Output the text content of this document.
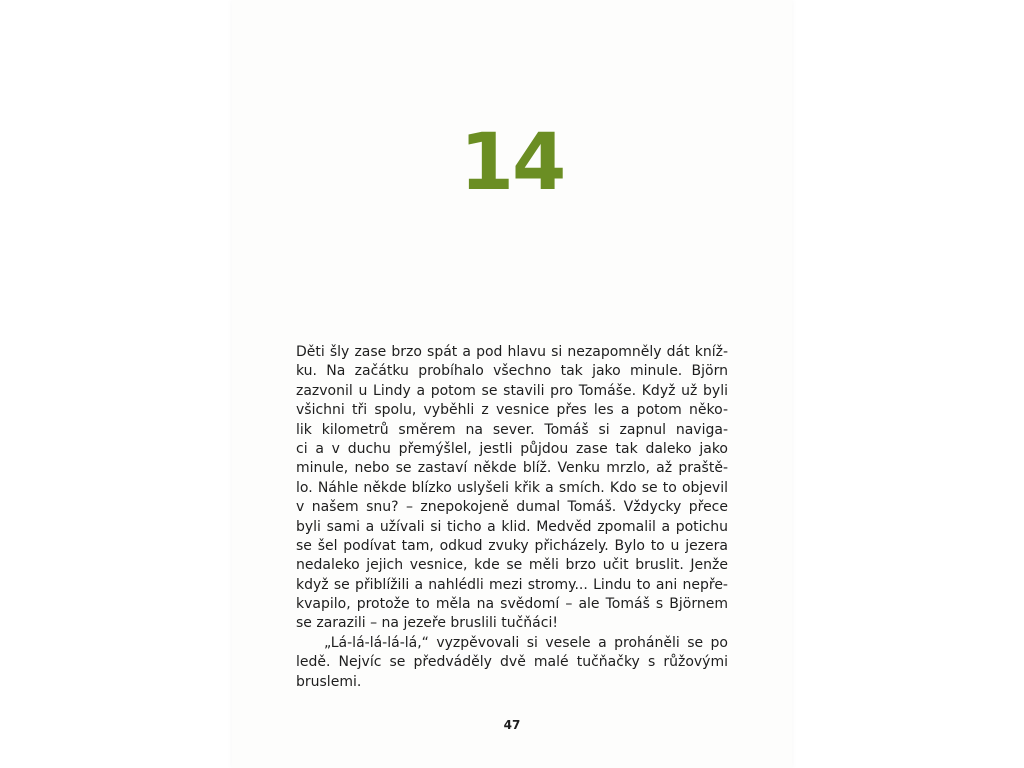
14
Děti šly zase brzo spát a pod hlavu si nezapomněly dát kníž-
ku. Na začátku probíhalo všechno tak jako minule. Björn
zazvonil u Lindy a potom se stavili pro Tomáše. Když už byli
všichni tři spolu, vyběhli z vesnice přes les a potom něko-
lik kilometrů směrem na sever. Tomáš si zapnul naviga-
ci a v duchu přemýšlel, jestli půjdou zase tak daleko jako
minule, nebo se zastaví někde blíž. Venku mrzlo, až praště-
lo. Náhle někde blízko uslyšeli křik a smích. Kdo se to objevil
v našem snu? – znepokojeně dumal Tomáš. Vždycky přece
byli sami a užívali si ticho a klid. Medvěd zpomalil a potichu
se šel podívat tam, odkud zvuky přicházely. Bylo to u jezera
nedaleko jejich vesnice, kde se měli brzo učit bruslit. Jenže
když se přiblížili a nahlédli mezi stromy... Lindu to ani nepře-
kvapilo, protože to měla na svědomí – ale Tomáš s Björnem
se zarazili – na jezeře bruslili tučňáci!
„Lá-lá-lá-lá-lá,“ vyzpěvovali si vesele a proháněli se po
ledě. Nejvíc se předváděly dvě malé tučňačky s růžovými
bruslemi.
47
